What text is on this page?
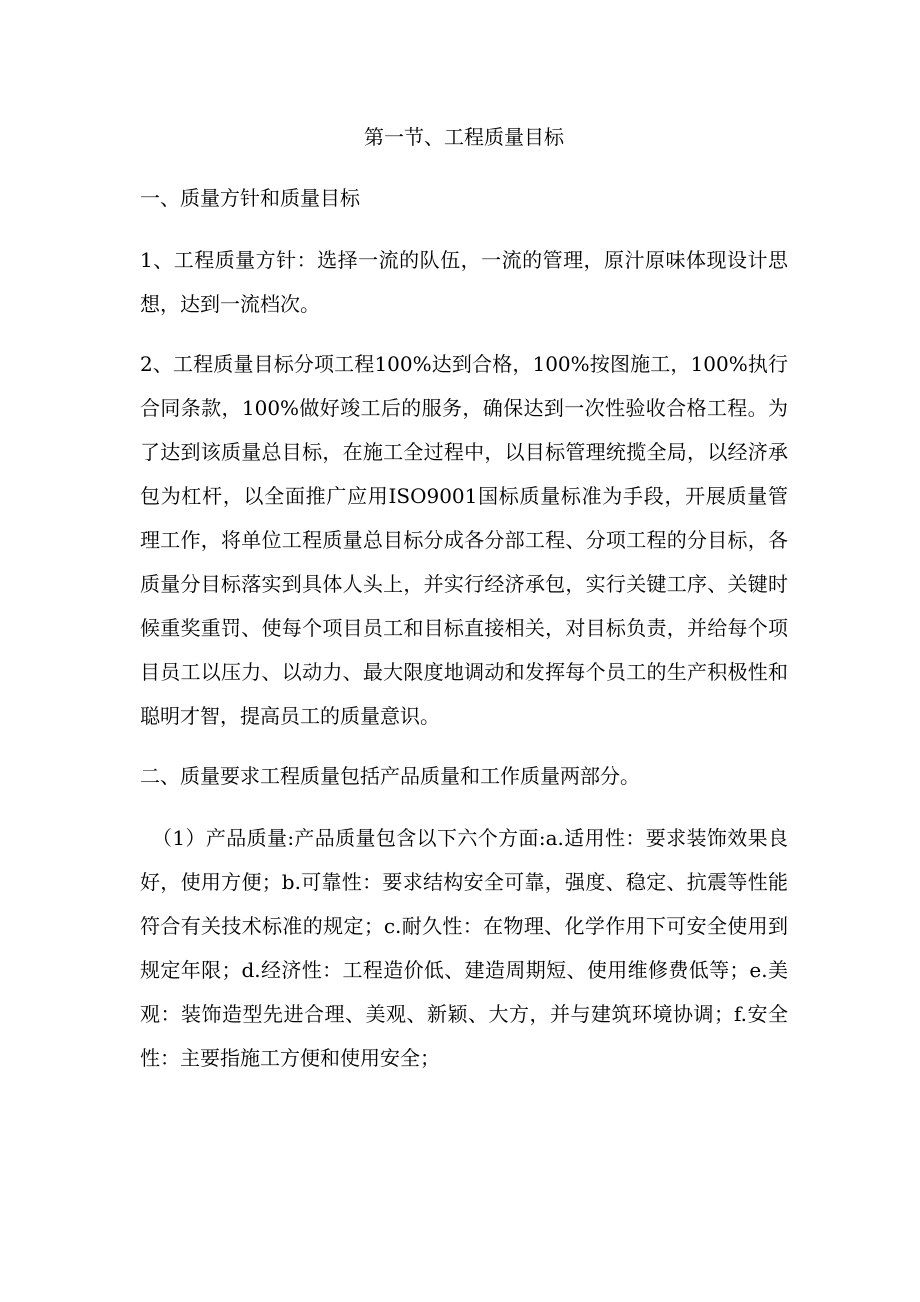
第一节、工程质量目标
一、质量方针和质量目标
1、工程质量方针：选择一流的队伍，一流的管理，原汁原味体现设计思想，达到一流档次。
2、工程质量目标分项工程100%达到合格，100%按图施工，100%执行合同条款，100%做好竣工后的服务，确保达到一次性验收合格工程。为了达到该质量总目标，在施工全过程中，以目标管理统揽全局，以经济承包为杠杆，以全面推广应用ISO9001国标质量标准为手段，开展质量管理工作，将单位工程质量总目标分成各分部工程、分项工程的分目标，各质量分目标落实到具体人头上，并实行经济承包，实行关键工序、关键时候重奖重罚、使每个项目员工和目标直接相关，对目标负责，并给每个项目员工以压力、以动力、最大限度地调动和发挥每个员工的生产积极性和聪明才智，提高员工的质量意识。
二、质量要求工程质量包括产品质量和工作质量两部分。
（1）产品质量:产品质量包含以下六个方面:a.适用性：要求装饰效果良好，使用方便；b.可靠性：要求结构安全可靠，强度、稳定、抗震等性能符合有关技术标准的规定；c.耐久性：在物理、化学作用下可安全使用到规定年限；d.经济性：工程造价低、建造周期短、使用维修费低等；e.美观：装饰造型先进合理、美观、新颖、大方，并与建筑环境协调；f.安全性：主要指施工方便和使用安全；
